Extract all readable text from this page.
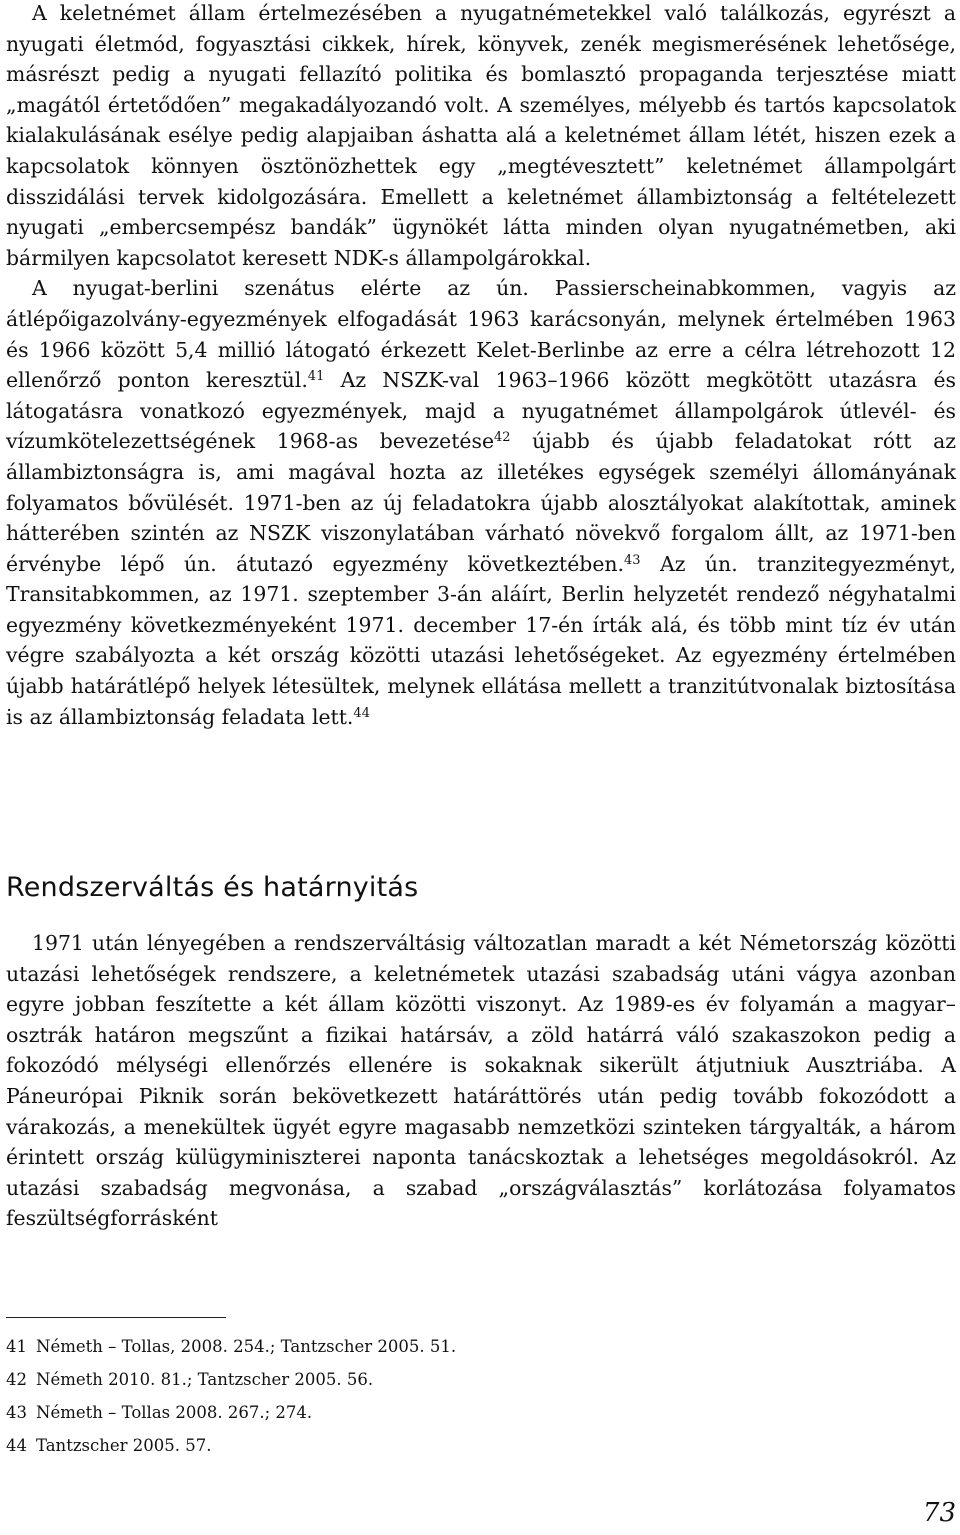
A keletnémet állam értelmezésében a nyugatnémetekkel való találkozás, egyrészt a nyugati életmód, fogyasztási cikkek, hírek, könyvek, zenék megismerésének lehetősége, másrészt pedig a nyugati fellazító politika és bomlasztó propaganda terjesztése miatt „magától értetődően” megakadályozandó volt. A személyes, mélyebb és tartós kapcsolatok kialakulásának esélye pedig alapjaiban áshatta alá a keletnémet állam létét, hiszen ezek a kapcsolatok könnyen ösztönözhettek egy „megtévesztett” keletnémet állampolgárt disszidálási tervek kidolgozására. Emellett a keletnémet állambiztonság a feltételezett nyugati „embercsempész bandák” ügynökét látta minden olyan nyugatnémetben, aki bármilyen kapcsolatot keresett NDK-s állampolgárokkal.

A nyugat-berlini szenátus elérte az ún. Passierscheinabkommen, vagyis az átlépőigazolvány-egyezmények elfogadását 1963 karácsonyán, melynek értelmében 1963 és 1966 között 5,4 millió látogató érkezett Kelet-Berlinbe az erre a célra létrehozott 12 ellenőrző ponton keresztül.$^{41}$ Az NSZK-val 1963–1966 között megkötött utazásra és látogatásra vonatkozó egyezmények, majd a nyugatnémet állampolgárok útlevél- és vízumkötelezettségének 1968-as bevezetése$^{42}$ újabb és újabb feladatokat rótt az állambiztonságra is, ami magával hozta az illetékes egységek személyi állományának folyamatos bővülését. 1971-ben az új feladatokra újabb alosztályokat alakítottak, aminek hátterében szintén az NSZK viszonylatában várható növekvő forgalom állt, az 1971-ben érvénybe lépő ún. átutazó egyezmény következtében.$^{43}$ Az ún. tranzitegyezményt, Transitabkommen, az 1971. szeptember 3-án aláírt, Berlin helyzetét rendező négyhatalmi egyezmény következményeként 1971. december 17-én írták alá, és több mint tíz év után végre szabályozta a két ország közötti utazási lehetőségeket. Az egyezmény értelmében újabb határátlépő helyek létesültek, melynek ellátása mellett a tranzitútvonalak biztosítása is az állambiztonság feladata lett.$^{44}$

Rendszerváltás és határnyitás

1971 után lényegében a rendszerváltásig változatlan maradt a két Németország közötti utazási lehetőségek rendszere, a keletnémetek utazási szabadság utáni vágya azonban egyre jobban feszítette a két állam közötti viszonyt. Az 1989-es év folyamán a magyar–osztrák határon megszűnt a fizikai határsáv, a zöld határrá váló szakaszokon pedig a fokozódó mélységi ellenőrzés ellenére is sokaknak sikerült átjutniuk Ausztriába. A Páneurópai Piknik során bekövetkezett határáttörés után pedig tovább fokozódott a várakozás, a menekültek ügyét egyre magasabb nemzetközi szinteken tárgyalták, a három érintett ország külügyminiszterei naponta tanácskoztak a lehetséges megoldásokról. Az utazási szabadság megvonása, a szabad „országválasztás” korlátozása folyamatos feszültségforrásként

41 Németh – Tollas, 2008. 254.; Tantzscher 2005. 51.
42 Németh 2010. 81.; Tantzscher 2005. 56.
43 Németh – Tollas 2008. 267.; 274.
44 Tantzscher 2005. 57.
73
